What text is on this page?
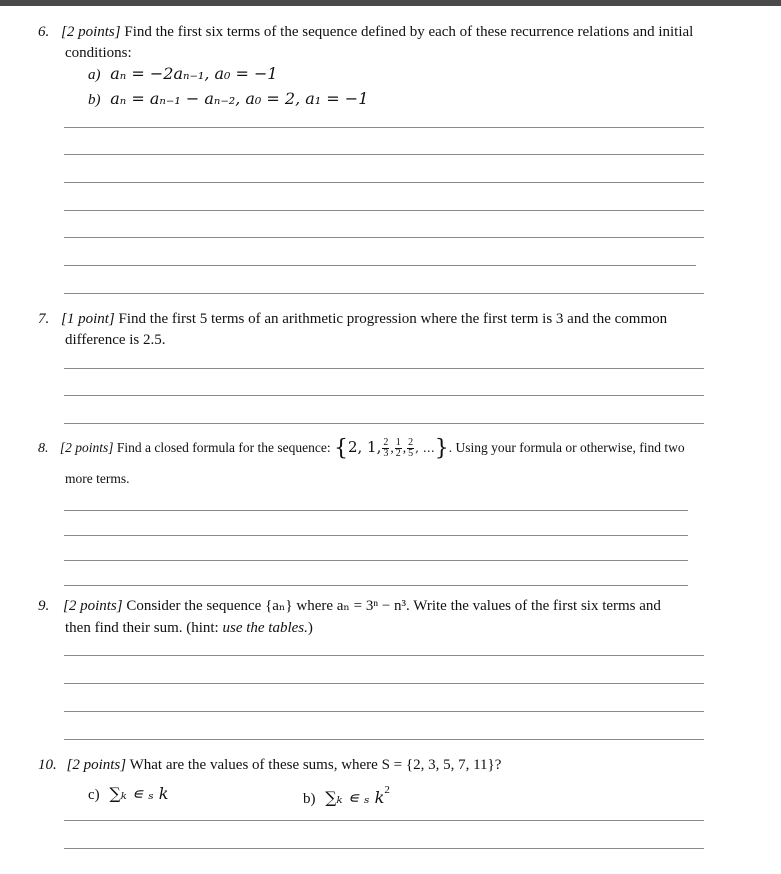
6. [2 points] Find the first six terms of the sequence defined by each of these recurrence relations and initial
conditions:
a) aₙ = −2aₙ₋₁, a₀ = −1
b) aₙ = aₙ₋₁ − aₙ₋₂, a₀ = 2, a₁ = −1
7. [1 point] Find the first 5 terms of an arithmetic progression where the first term is 3 and the common
difference is 2.5.
8. [2 points] Find a closed formula for the sequence: {2, 1, $\frac{2}{3}$ , $\frac{1}{2}$ , $\frac{2}{5}$ , …}. Using your formula or otherwise, find two
more terms.
9. [2 points] Consider the sequence {aₙ} where aₙ = 3ⁿ − n³. Write the values of the first six terms and
then find their sum. (hint: use the tables.)
10. [2 points] What are the values of these sums, where S = {2, 3, 5, 7, 11}?
c) ∑ₖ ∊ ₛ k	b) ∑ₖ ∊ ₛ $k^2$
